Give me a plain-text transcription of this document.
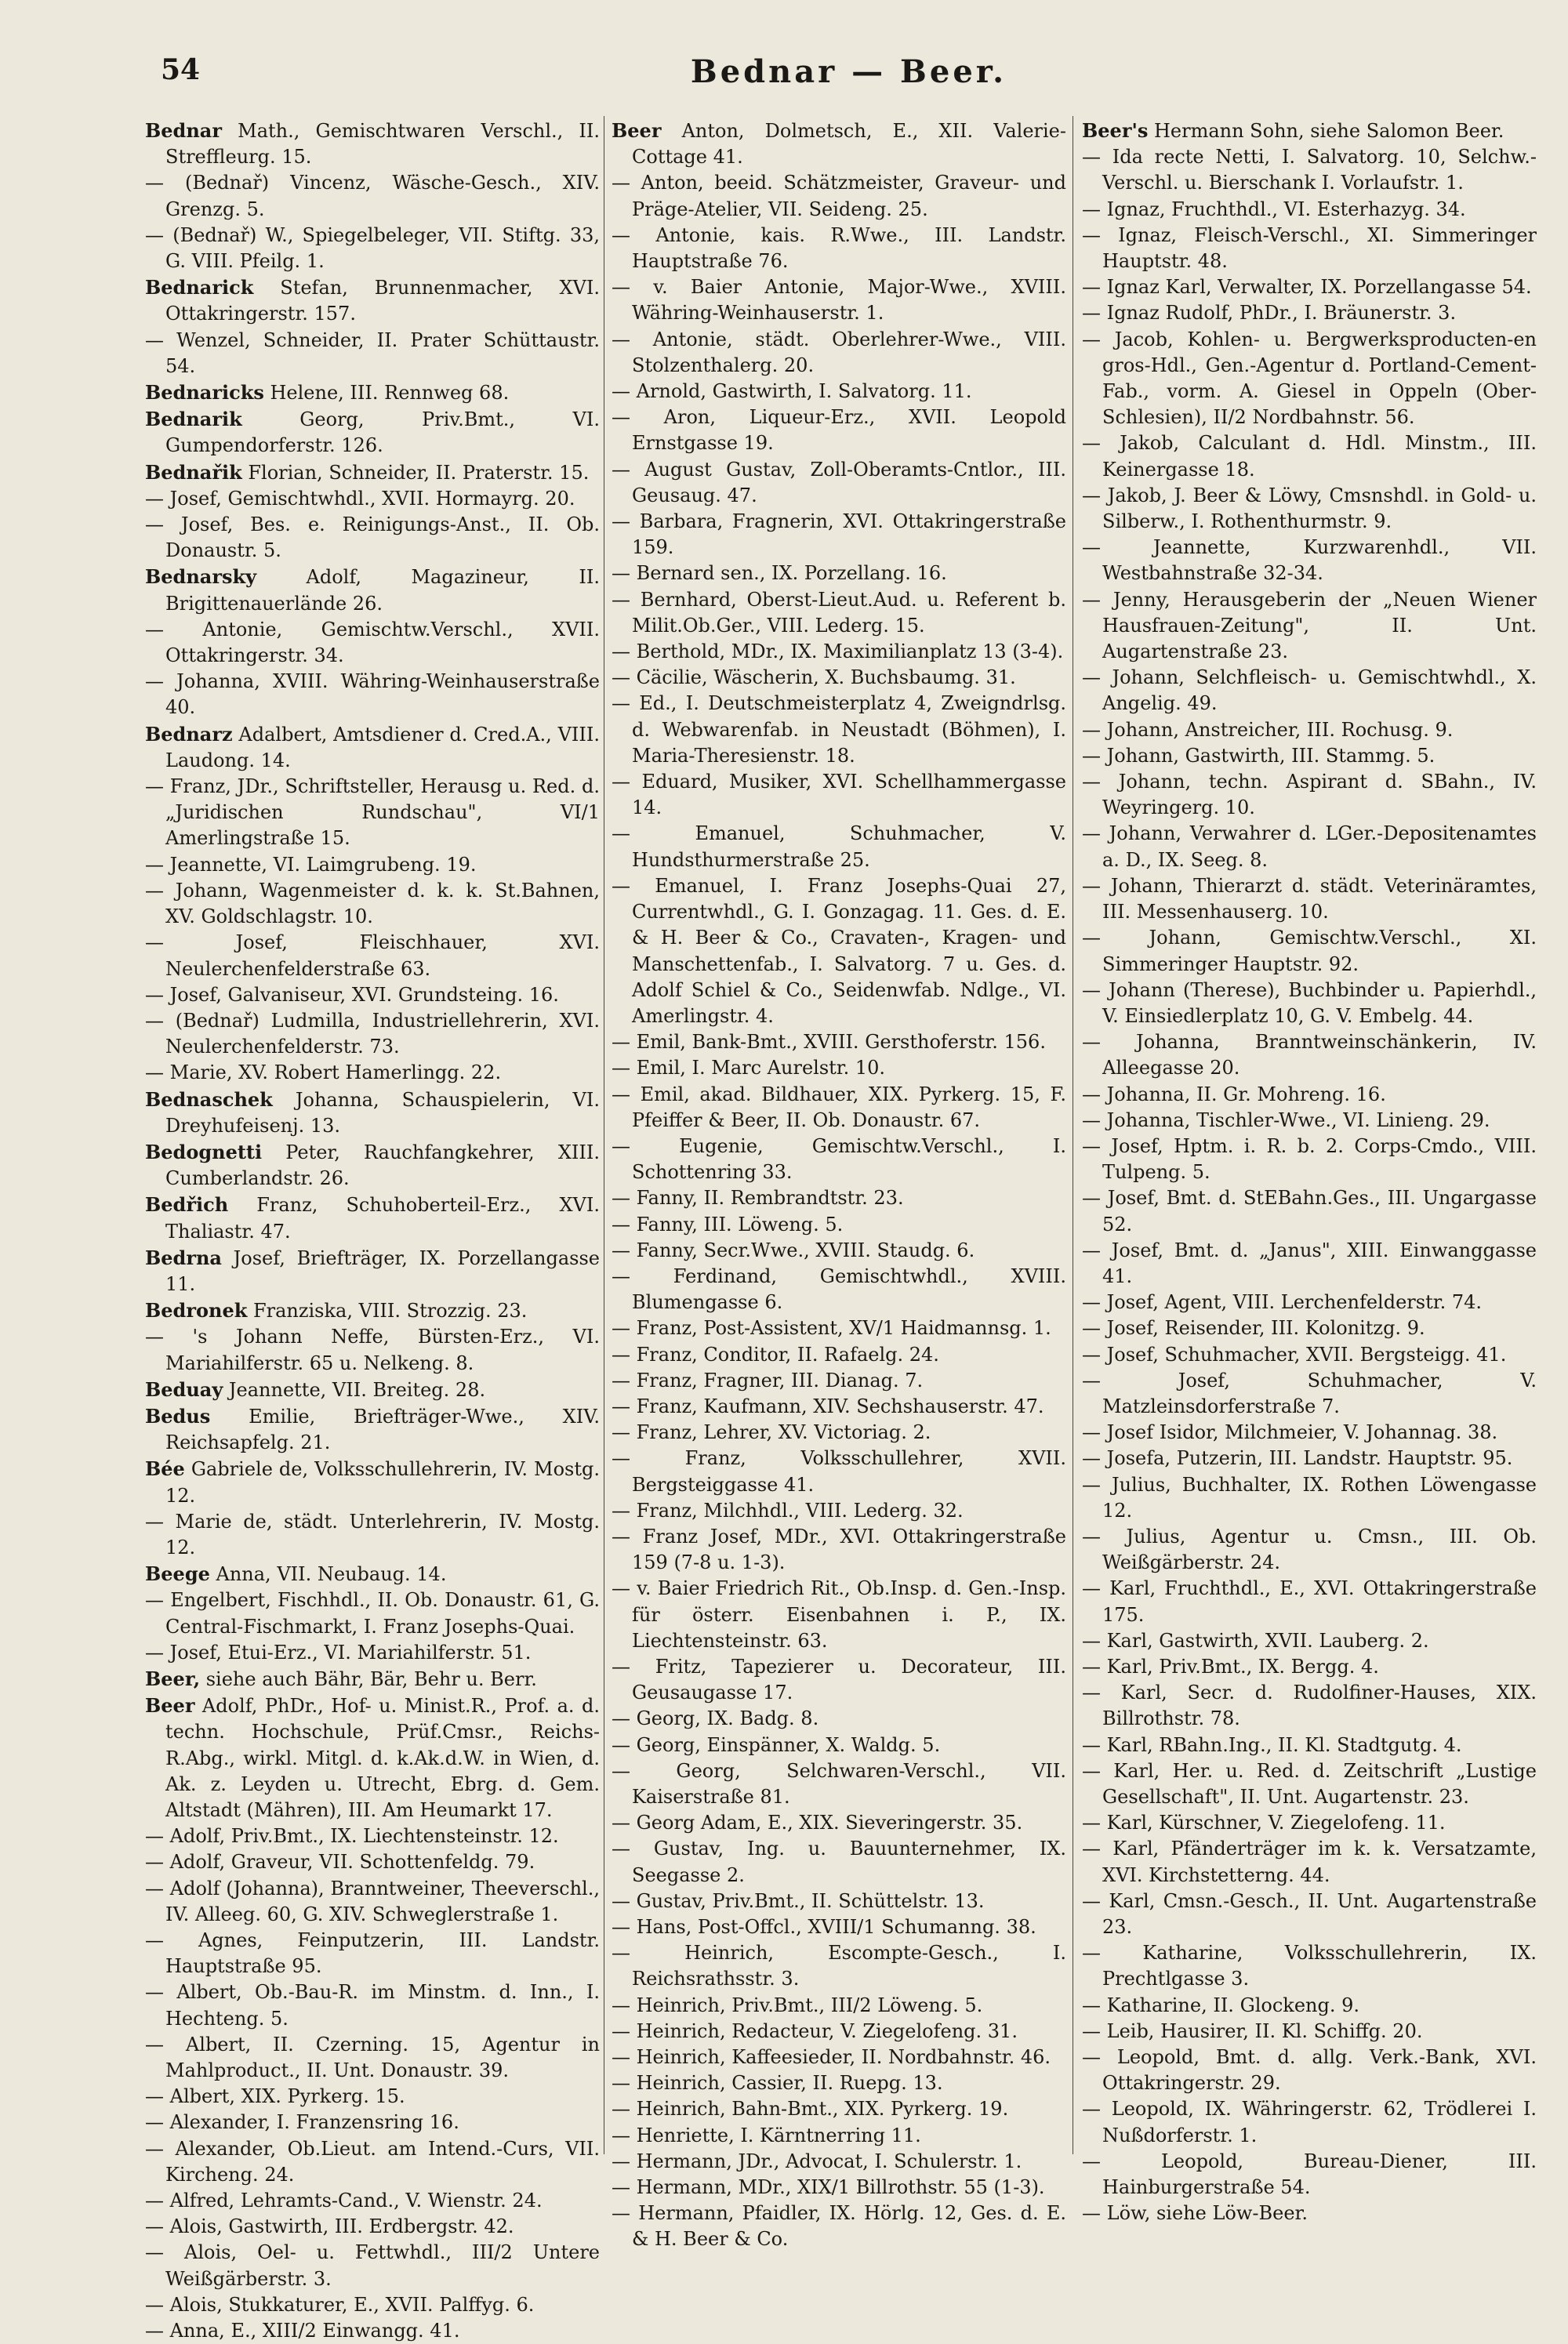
54	Bednar — Beer.
Bednar Math., Gemischtwaren Verschl., II. Streffleurg. 15.
— (Bednař) Vincenz, Wäsche-Gesch., XIV. Grenzg. 5.
— (Bednař) W., Spiegelbeleger, VII. Stiftg. 33, G. VIII. Pfeilg. 1.
Bednarick Stefan, Brunnenmacher, XVI. Ottakringerstr. 157.
— Wenzel, Schneider, II. Prater Schüttaustr. 54.
Bednaricks Helene, III. Rennweg 68.
Bednarik Georg, Priv.Bmt., VI. Gumpendorferstr. 126.
Bednařik Florian, Schneider, II. Praterstr. 15.
— Josef, Gemischtwhdl., XVII. Hormayrg. 20.
— Josef, Bes. e. Reinigungs-Anst., II. Ob. Donaustr. 5.
Bednarsky Adolf, Magazineur, II. Brigittenauerlände 26.
— Antonie, Gemischtw.Verschl., XVII. Ottakringerstr. 34.
— Johanna, XVIII. Währing-Weinhauserstraße 40.
Bednarz Adalbert, Amtsdiener d. Cred.A., VIII. Laudong. 14.
— Franz, JDr., Schriftsteller, Herausg u. Red. d. „Juridischen Rundschau", VI/1 Amerlingstraße 15.
— Jeannette, VI. Laimgrubeng. 19.
— Johann, Wagenmeister d. k. k. St.Bahnen, XV. Goldschlagstr. 10.
— Josef, Fleischhauer, XVI. Neulerchenfelderstraße 63.
— Josef, Galvaniseur, XVI. Grundsteing. 16.
— (Bednař) Ludmilla, Industriellehrerin, XVI. Neulerchenfelderstr. 73.
— Marie, XV. Robert Hamerlingg. 22.
Bednaschek Johanna, Schauspielerin, VI. Dreyhufeisenj. 13.
Bedognetti Peter, Rauchfangkehrer, XIII. Cumberlandstr. 26.
Bedřich Franz, Schuhoberteil-Erz., XVI. Thaliastr. 47.
Bedrna Josef, Briefträger, IX. Porzellangasse 11.
Bedronek Franziska, VIII. Strozzig. 23.
— 's Johann Neffe, Bürsten-Erz., VI. Mariahilferstr. 65 u. Nelkeng. 8.
Beduay Jeannette, VII. Breiteg. 28.
Bedus Emilie, Briefträger-Wwe., XIV. Reichsapfelg. 21.
Bée Gabriele de, Volksschullehrerin, IV. Mostg. 12.
— Marie de, städt. Unterlehrerin, IV. Mostg. 12.
Beege Anna, VII. Neubaug. 14.
— Engelbert, Fischhdl., II. Ob. Donaustr. 61, G. Central-Fischmarkt, I. Franz Josephs-Quai.
— Josef, Etui-Erz., VI. Mariahilferstr. 51.
Beer, siehe auch Bähr, Bär, Behr u. Berr.
Beer Adolf, PhDr., Hof- u. Minist.R., Prof. a. d. techn. Hochschule, Prüf.Cmsr., Reichs-R.Abg., wirkl. Mitgl. d. k.Ak.d.W. in Wien, d. Ak. z. Leyden u. Utrecht, Ebrg. d. Gem. Altstadt (Mähren), III. Am Heumarkt 17.
— Adolf, Priv.Bmt., IX. Liechtensteinstr. 12.
— Adolf, Graveur, VII. Schottenfeldg. 79.
— Adolf (Johanna), Branntweiner, Theeverschl., IV. Alleeg. 60, G. XIV. Schweglerstraße 1.
— Agnes, Feinputzerin, III. Landstr. Hauptstraße 95.
— Albert, Ob.-Bau-R. im Minstm. d. Inn., I. Hechteng. 5.
— Albert, II. Czerning. 15, Agentur in Mahlproduct., II. Unt. Donaustr. 39.
— Albert, XIX. Pyrkerg. 15.
— Alexander, I. Franzensring 16.
— Alexander, Ob.Lieut. am Intend.-Curs, VII. Kircheng. 24.
— Alfred, Lehramts-Cand., V. Wienstr. 24.
— Alois, Gastwirth, III. Erdbergstr. 42.
— Alois, Oel- u. Fettwhdl., III/2 Untere Weißgärberstr. 3.
— Alois, Stukkaturer, E., XVII. Palffyg. 6.
— Anna, E., XIII/2 Einwangg. 41.
Beer Anton, Dolmetsch, E., XII. Valerie-Cottage 41.
— Anton, beeid. Schätzmeister, Graveur- und Präge-Atelier, VII. Seideng. 25.
— Antonie, kais. R.Wwe., III. Landstr. Hauptstraße 76.
— v. Baier Antonie, Major-Wwe., XVIII. Währing-Weinhauserstr. 1.
— Antonie, städt. Oberlehrer-Wwe., VIII. Stolzenthalerg. 20.
— Arnold, Gastwirth, I. Salvatorg. 11.
— Aron, Liqueur-Erz., XVII. Leopold Ernstgasse 19.
— August Gustav, Zoll-Oberamts-Cntlor., III. Geusaug. 47.
— Barbara, Fragnerin, XVI. Ottakringerstraße 159.
— Bernard sen., IX. Porzellang. 16.
— Bernhard, Oberst-Lieut.Aud. u. Referent b. Milit.Ob.Ger., VIII. Lederg. 15.
— Berthold, MDr., IX. Maximilianplatz 13 (3-4).
— Cäcilie, Wäscherin, X. Buchsbaumg. 31.
— Ed., I. Deutschmeisterplatz 4, Zweigndrlsg. d. Webwarenfab. in Neustadt (Böhmen), I. Maria-Theresienstr. 18.
— Eduard, Musiker, XVI. Schellhammergasse 14.
— Emanuel, Schuhmacher, V. Hundsthurmerstraße 25.
— Emanuel, I. Franz Josephs-Quai 27, Currentwhdl., G. I. Gonzagag. 11. Ges. d. E. & H. Beer & Co., Cravaten-, Kragen- und Manschettenfab., I. Salvatorg. 7 u. Ges. d. Adolf Schiel & Co., Seidenwfab. Ndlge., VI. Amerlingstr. 4.
— Emil, Bank-Bmt., XVIII. Gersthoferstr. 156.
— Emil, I. Marc Aurelstr. 10.
— Emil, akad. Bildhauer, XIX. Pyrkerg. 15, F. Pfeiffer & Beer, II. Ob. Donaustr. 67.
— Eugenie, Gemischtw.Verschl., I. Schottenring 33.
— Fanny, II. Rembrandtstr. 23.
— Fanny, III. Löweng. 5.
— Fanny, Secr.Wwe., XVIII. Staudg. 6.
— Ferdinand, Gemischtwhdl., XVIII. Blumengasse 6.
— Franz, Post-Assistent, XV/1 Haidmannsg. 1.
— Franz, Conditor, II. Rafaelg. 24.
— Franz, Fragner, III. Dianag. 7.
— Franz, Kaufmann, XIV. Sechshauserstr. 47.
— Franz, Lehrer, XV. Victoriag. 2.
— Franz, Volksschullehrer, XVII. Bergsteiggasse 41.
— Franz, Milchhdl., VIII. Lederg. 32.
— Franz Josef, MDr., XVI. Ottakringerstraße 159 (7-8 u. 1-3).
— v. Baier Friedrich Rit., Ob.Insp. d. Gen.-Insp. für österr. Eisenbahnen i. P., IX. Liechtensteinstr. 63.
— Fritz, Tapezierer u. Decorateur, III. Geusaugasse 17.
— Georg, IX. Badg. 8.
— Georg, Einspänner, X. Waldg. 5.
— Georg, Selchwaren-Verschl., VII. Kaiserstraße 81.
— Georg Adam, E., XIX. Sieveringerstr. 35.
— Gustav, Ing. u. Bauunternehmer, IX. Seegasse 2.
— Gustav, Priv.Bmt., II. Schüttelstr. 13.
— Hans, Post-Offcl., XVIII/1 Schumanng. 38.
— Heinrich, Escompte-Gesch., I. Reichsrathsstr. 3.
— Heinrich, Priv.Bmt., III/2 Löweng. 5.
— Heinrich, Redacteur, V. Ziegelofeng. 31.
— Heinrich, Kaffeesieder, II. Nordbahnstr. 46.
— Heinrich, Cassier, II. Ruepg. 13.
— Heinrich, Bahn-Bmt., XIX. Pyrkerg. 19.
— Henriette, I. Kärntnerring 11.
— Hermann, JDr., Advocat, I. Schulerstr. 1.
— Hermann, MDr., XIX/1 Billrothstr. 55 (1-3).
— Hermann, Pfaidler, IX. Hörlg. 12, Ges. d. E. & H. Beer & Co.
Beer's Hermann Sohn, siehe Salomon Beer.
— Ida recte Netti, I. Salvatorg. 10, Selchw.-Verschl. u. Bierschank I. Vorlaufstr. 1.
— Ignaz, Fruchthdl., VI. Esterhazyg. 34.
— Ignaz, Fleisch-Verschl., XI. Simmeringer Hauptstr. 48.
— Ignaz Karl, Verwalter, IX. Porzellangasse 54.
— Ignaz Rudolf, PhDr., I. Bräunerstr. 3.
— Jacob, Kohlen- u. Bergwerksproducten-en gros-Hdl., Gen.-Agentur d. Portland-Cement-Fab., vorm. A. Giesel in Oppeln (Ober-Schlesien), II/2 Nordbahnstr. 56.
— Jakob, Calculant d. Hdl. Minstm., III. Keinergasse 18.
— Jakob, J. Beer & Löwy, Cmsnshdl. in Gold- u. Silberw., I. Rothenthurmstr. 9.
— Jeannette, Kurzwarenhdl., VII. Westbahnstraße 32-34.
— Jenny, Herausgeberin der „Neuen Wiener Hausfrauen-Zeitung", II. Unt. Augartenstraße 23.
— Johann, Selchfleisch- u. Gemischtwhdl., X. Angelig. 49.
— Johann, Anstreicher, III. Rochusg. 9.
— Johann, Gastwirth, III. Stammg. 5.
— Johann, techn. Aspirant d. SBahn., IV. Weyringerg. 10.
— Johann, Verwahrer d. LGer.-Depositenamtes a. D., IX. Seeg. 8.
— Johann, Thierarzt d. städt. Veterinäramtes, III. Messenhauserg. 10.
— Johann, Gemischtw.Verschl., XI. Simmeringer Hauptstr. 92.
— Johann (Therese), Buchbinder u. Papierhdl., V. Einsiedlerplatz 10, G. V. Embelg. 44.
— Johanna, Branntweinschänkerin, IV. Alleegasse 20.
— Johanna, II. Gr. Mohreng. 16.
— Johanna, Tischler-Wwe., VI. Linieng. 29.
— Josef, Hptm. i. R. b. 2. Corps-Cmdo., VIII. Tulpeng. 5.
— Josef, Bmt. d. StEBahn.Ges., III. Ungargasse 52.
— Josef, Bmt. d. „Janus", XIII. Einwanggasse 41.
— Josef, Agent, VIII. Lerchenfelderstr. 74.
— Josef, Reisender, III. Kolonitzg. 9.
— Josef, Schuhmacher, XVII. Bergsteigg. 41.
— Josef, Schuhmacher, V. Matzleinsdorferstraße 7.
— Josef Isidor, Milchmeier, V. Johannag. 38.
— Josefa, Putzerin, III. Landstr. Hauptstr. 95.
— Julius, Buchhalter, IX. Rothen Löwengasse 12.
— Julius, Agentur u. Cmsn., III. Ob. Weißgärberstr. 24.
— Karl, Fruchthdl., E., XVI. Ottakringerstraße 175.
— Karl, Gastwirth, XVII. Lauberg. 2.
— Karl, Priv.Bmt., IX. Bergg. 4.
— Karl, Secr. d. Rudolfiner-Hauses, XIX. Billrothstr. 78.
— Karl, RBahn.Ing., II. Kl. Stadtgutg. 4.
— Karl, Her. u. Red. d. Zeitschrift „Lustige Gesellschaft", II. Unt. Augartenstr. 23.
— Karl, Kürschner, V. Ziegelofeng. 11.
— Karl, Pfänderträger im k. k. Versatzamte, XVI. Kirchstetterng. 44.
— Karl, Cmsn.-Gesch., II. Unt. Augartenstraße 23.
— Katharine, Volksschullehrerin, IX. Prechtlgasse 3.
— Katharine, II. Glockeng. 9.
— Leib, Hausirer, II. Kl. Schiffg. 20.
— Leopold, Bmt. d. allg. Verk.-Bank, XVI. Ottakringerstr. 29.
— Leopold, IX. Währingerstr. 62, Trödlerei I. Nußdorferstr. 1.
— Leopold, Bureau-Diener, III. Hainburgerstraße 54.
— Löw, siehe Löw-Beer.
